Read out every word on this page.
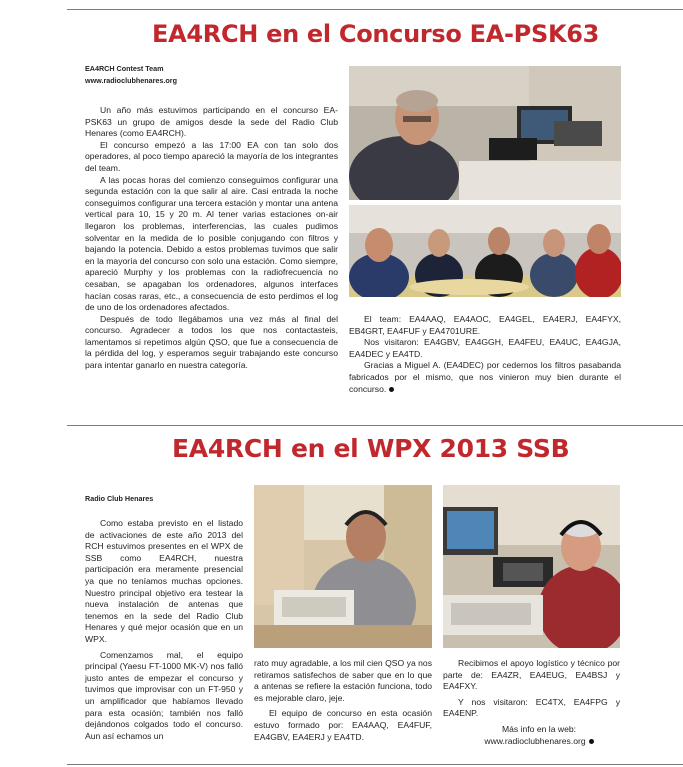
EA4RCH en el Concurso EA-PSK63
EA4RCH Contest Team
www.radioclubhenares.org

Un año más estuvimos participando en el concurso EA-PSK63 un grupo de amigos desde la sede del Radio Club Henares (como EA4RCH).

El concurso empezó a las 17:00 EA con tan solo dos operadores, al poco tiempo apareció la mayoría de los integrantes del team.

A las pocas horas del comienzo conseguimos configurar una segunda estación con la que salir al aire. Casi entrada la noche conseguimos configurar una tercera estación y montar una antena vertical para 10, 15 y 20 m. Al tener varias estaciones on-air llegaron los problemas, interferencias, las cuales pudimos solventar en la medida de lo posible conjugando con filtros y bajando la potencia. Debido a estos problemas tuvimos que salir en la mayoría del concurso con solo una estación. Como siempre, apareció Murphy y los problemas con la radiofrecuencia no cesaban, se apagaban los ordenadores, algunos interfaces hacían cosas raras, etc., a consecuencia de esto perdimos el log de uno de los ordenadores afectados.

Después de todo llegábamos una vez más al final del concurso. Agradecer a todos los que nos contactasteis, lamentamos si repetimos algún QSO, que fue a consecuencia de la pérdida del log, y esperamos seguir trabajando este concurso para intentar ganarlo en nuestra categoría.

El team: EA4AAQ, EA4AOC, EA4GEL, EA4ERJ, EA4FYX, EB4GRT, EA4FUF y EA4701URE.

Nos visitaron: EA4GBV, EA4GGH, EA4FEU, EA4UC, EA4GJA, EA4DEC y EA4TD.

Gracias a Miguel A. (EA4DEC) por cedernos los filtros pasabanda fabricados por el mismo, que nos vinieron muy bien durante el concurso.

EA4RCH en el WPX 2013 SSB
Radio Club Henares

Como estaba previsto en el listado de activaciones de este año 2013 del RCH estuvimos presentes en el WPX de SSB como EA4RCH, nuestra participación era meramente presencial ya que no teníamos muchas opciones. Nuestro principal objetivo era testear la nueva instalación de antenas que tenemos en la sede del Radio Club Henares y qué mejor ocasión que en un WPX.

Comenzamos mal, el equipo principal (Yaesu FT-1000 MK-V) nos falló justo antes de empezar el concurso y tuvimos que improvisar con un FT-950 y un amplificador que habíamos llevado para esta ocasión; también nos falló dejándonos colgados todo el concurso. Aun así echamos un

rato muy agradable, a los mil cien QSO ya nos retiramos satisfechos de saber que en lo que a antenas se refiere la estación funciona, todo es mejorable claro, jeje.

El equipo de concurso en esta ocasión estuvo formado por: EA4AAQ, EA4FUF, EA4GBV, EA4ERJ y EA4TD.

Recibimos el apoyo logístico y técnico por parte de: EA4ZR, EA4EUG, EA4BSJ y EA4FXY.

Y nos visitaron: EC4TX, EA4FPG y EA4ENP.

Más info en la web:

www.radioclubhenares.org
